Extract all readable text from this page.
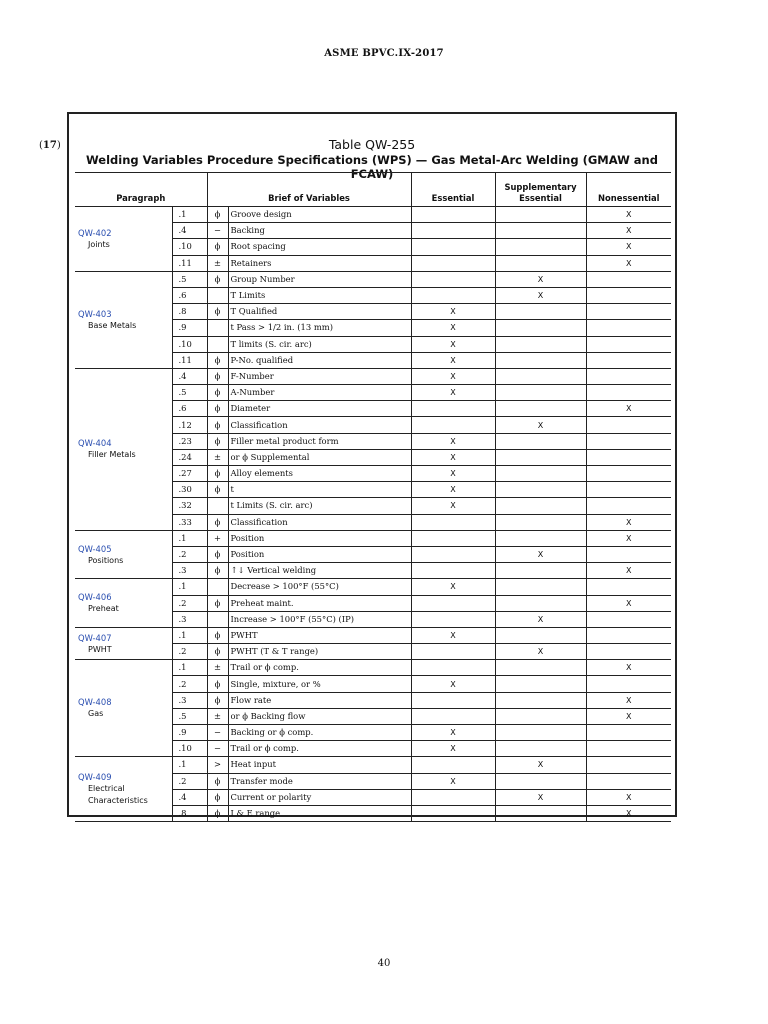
ASME BPVC.IX-2017
(17)	Table QW-255
Welding Variables Procedure Specifications (WPS) — Gas Metal-Arc Welding (GMAW and FCAW)
Paragraph		Brief of Variables		Essential	Supplementary
Essential	Nonessential

QW-402
Joints	.1	ϕ	Groove design			X
	.4	−	Backing			X
	.10	ϕ	Root spacing			X
	.11	±	Retainers			X

QW-403
Base Metals	.5	ϕ	Group Number		X	
	.6		T Limits		X	
	.8	ϕ	T Qualified	X		
	.9		t Pass > 1/2 in. (13 mm)	X		
	.10		T limits (S. cir. arc)	X		
	.11	ϕ	P-No. qualified	X		

QW-404
Filler Metals	.4	ϕ	F-Number	X		
	.5	ϕ	A-Number	X		
	.6	ϕ	Diameter			X
	.12	ϕ	Classification		X	
	.23	ϕ	Filler metal product form	X		
	.24	±	or ϕ Supplemental	X		
	.27	ϕ	Alloy elements	X		
	.30	ϕ	t	X		
	.32		t Limits (S. cir. arc)	X		
	.33	ϕ	Classification			X

QW-405
Positions	.1	+	Position			X
	.2	ϕ	Position		X	
	.3	ϕ	↑↓ Vertical welding			X

QW-406
Preheat	.1		Decrease > 100°F (55°C)	X		
	.2	ϕ	Preheat maint.			X
	.3		Increase > 100°F (55°C) (IP)		X	

QW-407
PWHT	.1	ϕ	PWHT	X		
	.2	ϕ	PWHT (T & T range)		X	

QW-408
Gas	.1	±	Trail or ϕ comp.			X
	.2	ϕ	Single, mixture, or %	X		
	.3	ϕ	Flow rate			X
	.5	±	or ϕ Backing flow			X
	.9	−	Backing or ϕ comp.	X		
	.10	−	Trail or ϕ comp.	X		

QW-409
Electrical Characteristics	.1	>	Heat input		X	
	.2	ϕ	Transfer mode	X		
	.4	ϕ	Current or polarity		X	X
	.8	ϕ	I & E range			X
40
